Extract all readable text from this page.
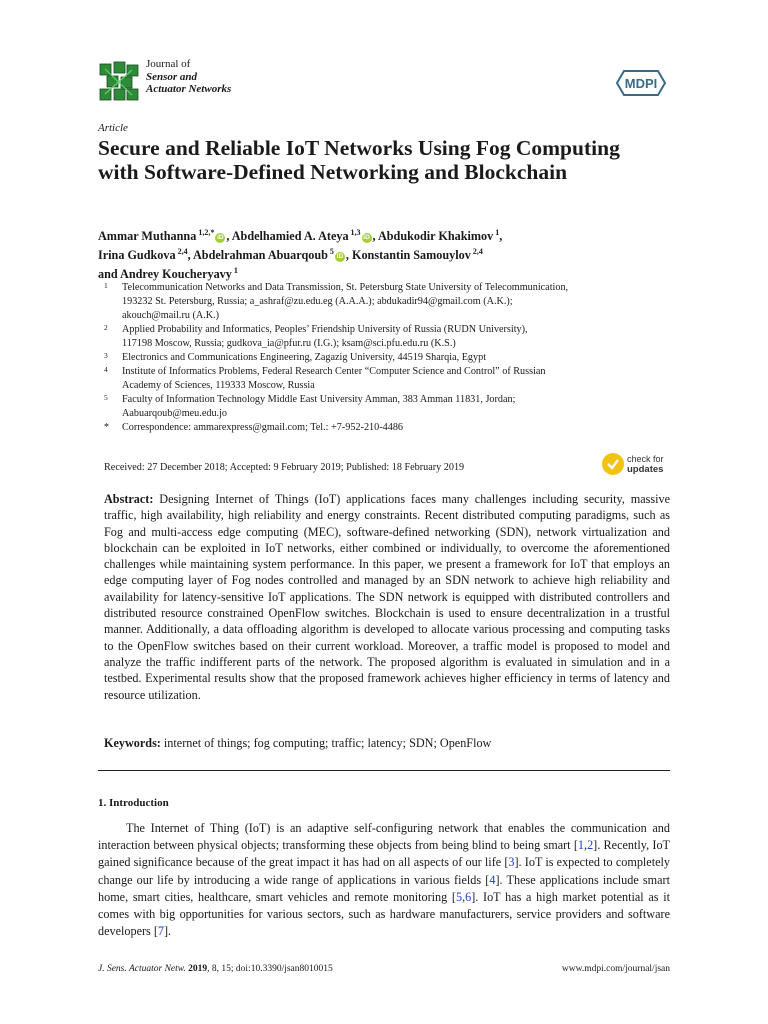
Journal of
Sensor and
Actuator Networks	MDPI
Article
Secure and Reliable IoT Networks Using Fog Computing with Software-Defined Networking and Blockchain
Ammar Muthanna $^{1,2,*}$iD , Abdelhamied A. Ateya $^{1,3}$iD , Abdukodir Khakimov $^1$,
Irina Gudkova $^{2,4}$, Abdelrahman Abuarqoub $^5$iD , Konstantin Samouylov $^{2,4}$
and Andrey Koucheryavy $^1$
1 Telecommunication Networks and Data Transmission, St. Petersburg State University of Telecommunication,
193232 St. Petersburg, Russia; a_ashraf@zu.edu.eg (A.A.A.); abdukadir94@gmail.com (A.K.);
akouch@mail.ru (A.K.)
2 Applied Probability and Informatics, Peoples’ Friendship University of Russia (RUDN University),
117198 Moscow, Russia; gudkova_ia@pfur.ru (I.G.); ksam@sci.pfu.edu.ru (K.S.)
3 Electronics and Communications Engineering, Zagazig University, 44519 Sharqia, Egypt
4 Institute of Informatics Problems, Federal Research Center “Computer Science and Control” of Russian
Academy of Sciences, 119333 Moscow, Russia
5 Faculty of Information Technology Middle East University Amman, 383 Amman 11831, Jordan;
Aabuarqoub@meu.edu.jo
* Correspondence: ammarexpress@gmail.com; Tel.: +7-952-210-4486
Received: 27 December 2018; Accepted: 9 February 2019; Published: 18 February 2019
check for
updates
Abstract: Designing Internet of Things (IoT) applications faces many challenges including security, massive traffic, high availability, high reliability and energy constraints. Recent distributed computing paradigms, such as Fog and multi-access edge computing (MEC), software-defined networking (SDN), network virtualization and blockchain can be exploited in IoT networks, either combined or individually, to overcome the aforementioned challenges while maintaining system performance. In this paper, we present a framework for IoT that employs an edge computing layer of Fog nodes controlled and managed by an SDN network to achieve high reliability and availability for latency-sensitive IoT applications. The SDN network is equipped with distributed controllers and distributed resource constrained OpenFlow switches. Blockchain is used to ensure decentralization in a trustful manner. Additionally, a data offloading algorithm is developed to allocate various processing and computing tasks to the OpenFlow switches based on their current workload. Moreover, a traffic model is proposed to model and analyze the traffic indifferent parts of the network. The proposed algorithm is evaluated in simulation and in a testbed. Experimental results show that the proposed framework achieves higher efficiency in terms of latency and resource utilization.
Keywords: internet of things; fog computing; traffic; latency; SDN; OpenFlow
1. Introduction
The Internet of Thing (IoT) is an adaptive self-configuring network that enables the communication and interaction between physical objects; transforming these objects from being blind to being smart [1,2]. Recently, IoT gained significance because of the great impact it has had on all aspects of our life [3]. IoT is expected to completely change our life by introducing a wide range of applications in various fields [4]. These applications include smart home, smart cities, healthcare, smart vehicles and remote monitoring [5,6]. IoT has a high market potential as it comes with big opportunities for various sectors, such as hardware manufacturers, service providers and software developers [7].
J. Sens. Actuator Netw. 2019, 8, 15; doi:10.3390/jsan8010015	www.mdpi.com/journal/jsan
